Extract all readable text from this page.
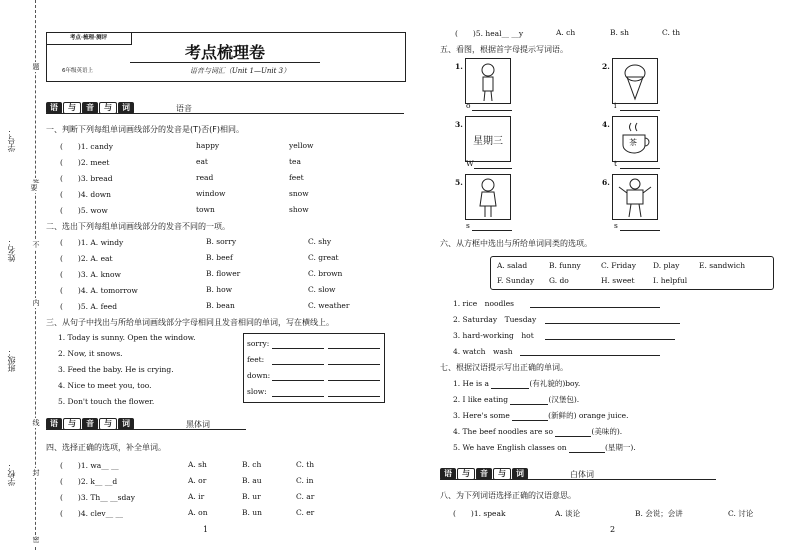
学号：
姓名：
班级：
学校：
题
要
不
内
线
封
密
考点·梳理·测评
6年级英语上
考点梳理卷
语音与词汇（Unit 1—Unit 3）
语 与 音 与 词	语音
一、判断下列每组单词画线部分的发音是(T)否(F)相同。
(　　)1. candy	happy	yellow
(　　)2. meet	eat	tea
(　　)3. bread	read	feet
(　　)4. down	window	snow
(　　)5. wow	town	show
二、选出下列每组单词画线部分的发音不同的一项。
(　　)1. A. windy	B. sorry	C. shy
(　　)2. A. eat	B. beef	C. great
(　　)3. A. know	B. flower	C. brown
(　　)4. A. tomorrow	B. how	C. slow
(　　)5. A. feed	B. bean	C. weather
三、从句子中找出与所给单词画线部分字母相同且发音相同的单词，写在横线上。
1. Today is sunny. Open the window.
2. Now, it snows.
3. Feed the baby. He is crying.
4. Nice to meet you, too.
5. Don't touch the flower.
sorry:
feet:
down:
slow:
语 与 音 与 词	黑体词
四、选择正确的选项，补全单词。
(　　)1. wa__ __	A. sh	B. ch	C. th
(　　)2. k__ __d	A. or	B. au	C. in
(　　)3. Th__ __sday	A. ir	B. ur	C. ar
(　　)4. clev__ __	A. on	B. un	C. er
1
(　　)5. heal__ __y	A. ch	B. sh	C. th
五、看图，根据首字母提示写词语。
1.
o
2.
i
3.
星期三
W
4.
茶
t
5.
s
6.
s
六、从方框中选出与所给单词同类的选项。
A. salad	B. funny	C. Friday D. play	E. sandwich
F. Sunday G. do	H. sweet I. helpful
1. rice　noodles
2. Saturday　Tuesday
3. hard-working　hot
4. watch　wash
七、根据汉语提示写出正确的单词。
1. He is a	(有礼貌的)boy.
2. I like eating	(汉堡包).
3. Here's some	(新鲜的) orange juice.
4. The beef noodles are so	(美味的).
5. We have English classes on	(星期一).
语 与 音 与 词	白体词
八、为下列词语选择正确的汉语意思。
(　　)1. speak	A. 谈论	B. 会说；会讲	C. 讨论
2
